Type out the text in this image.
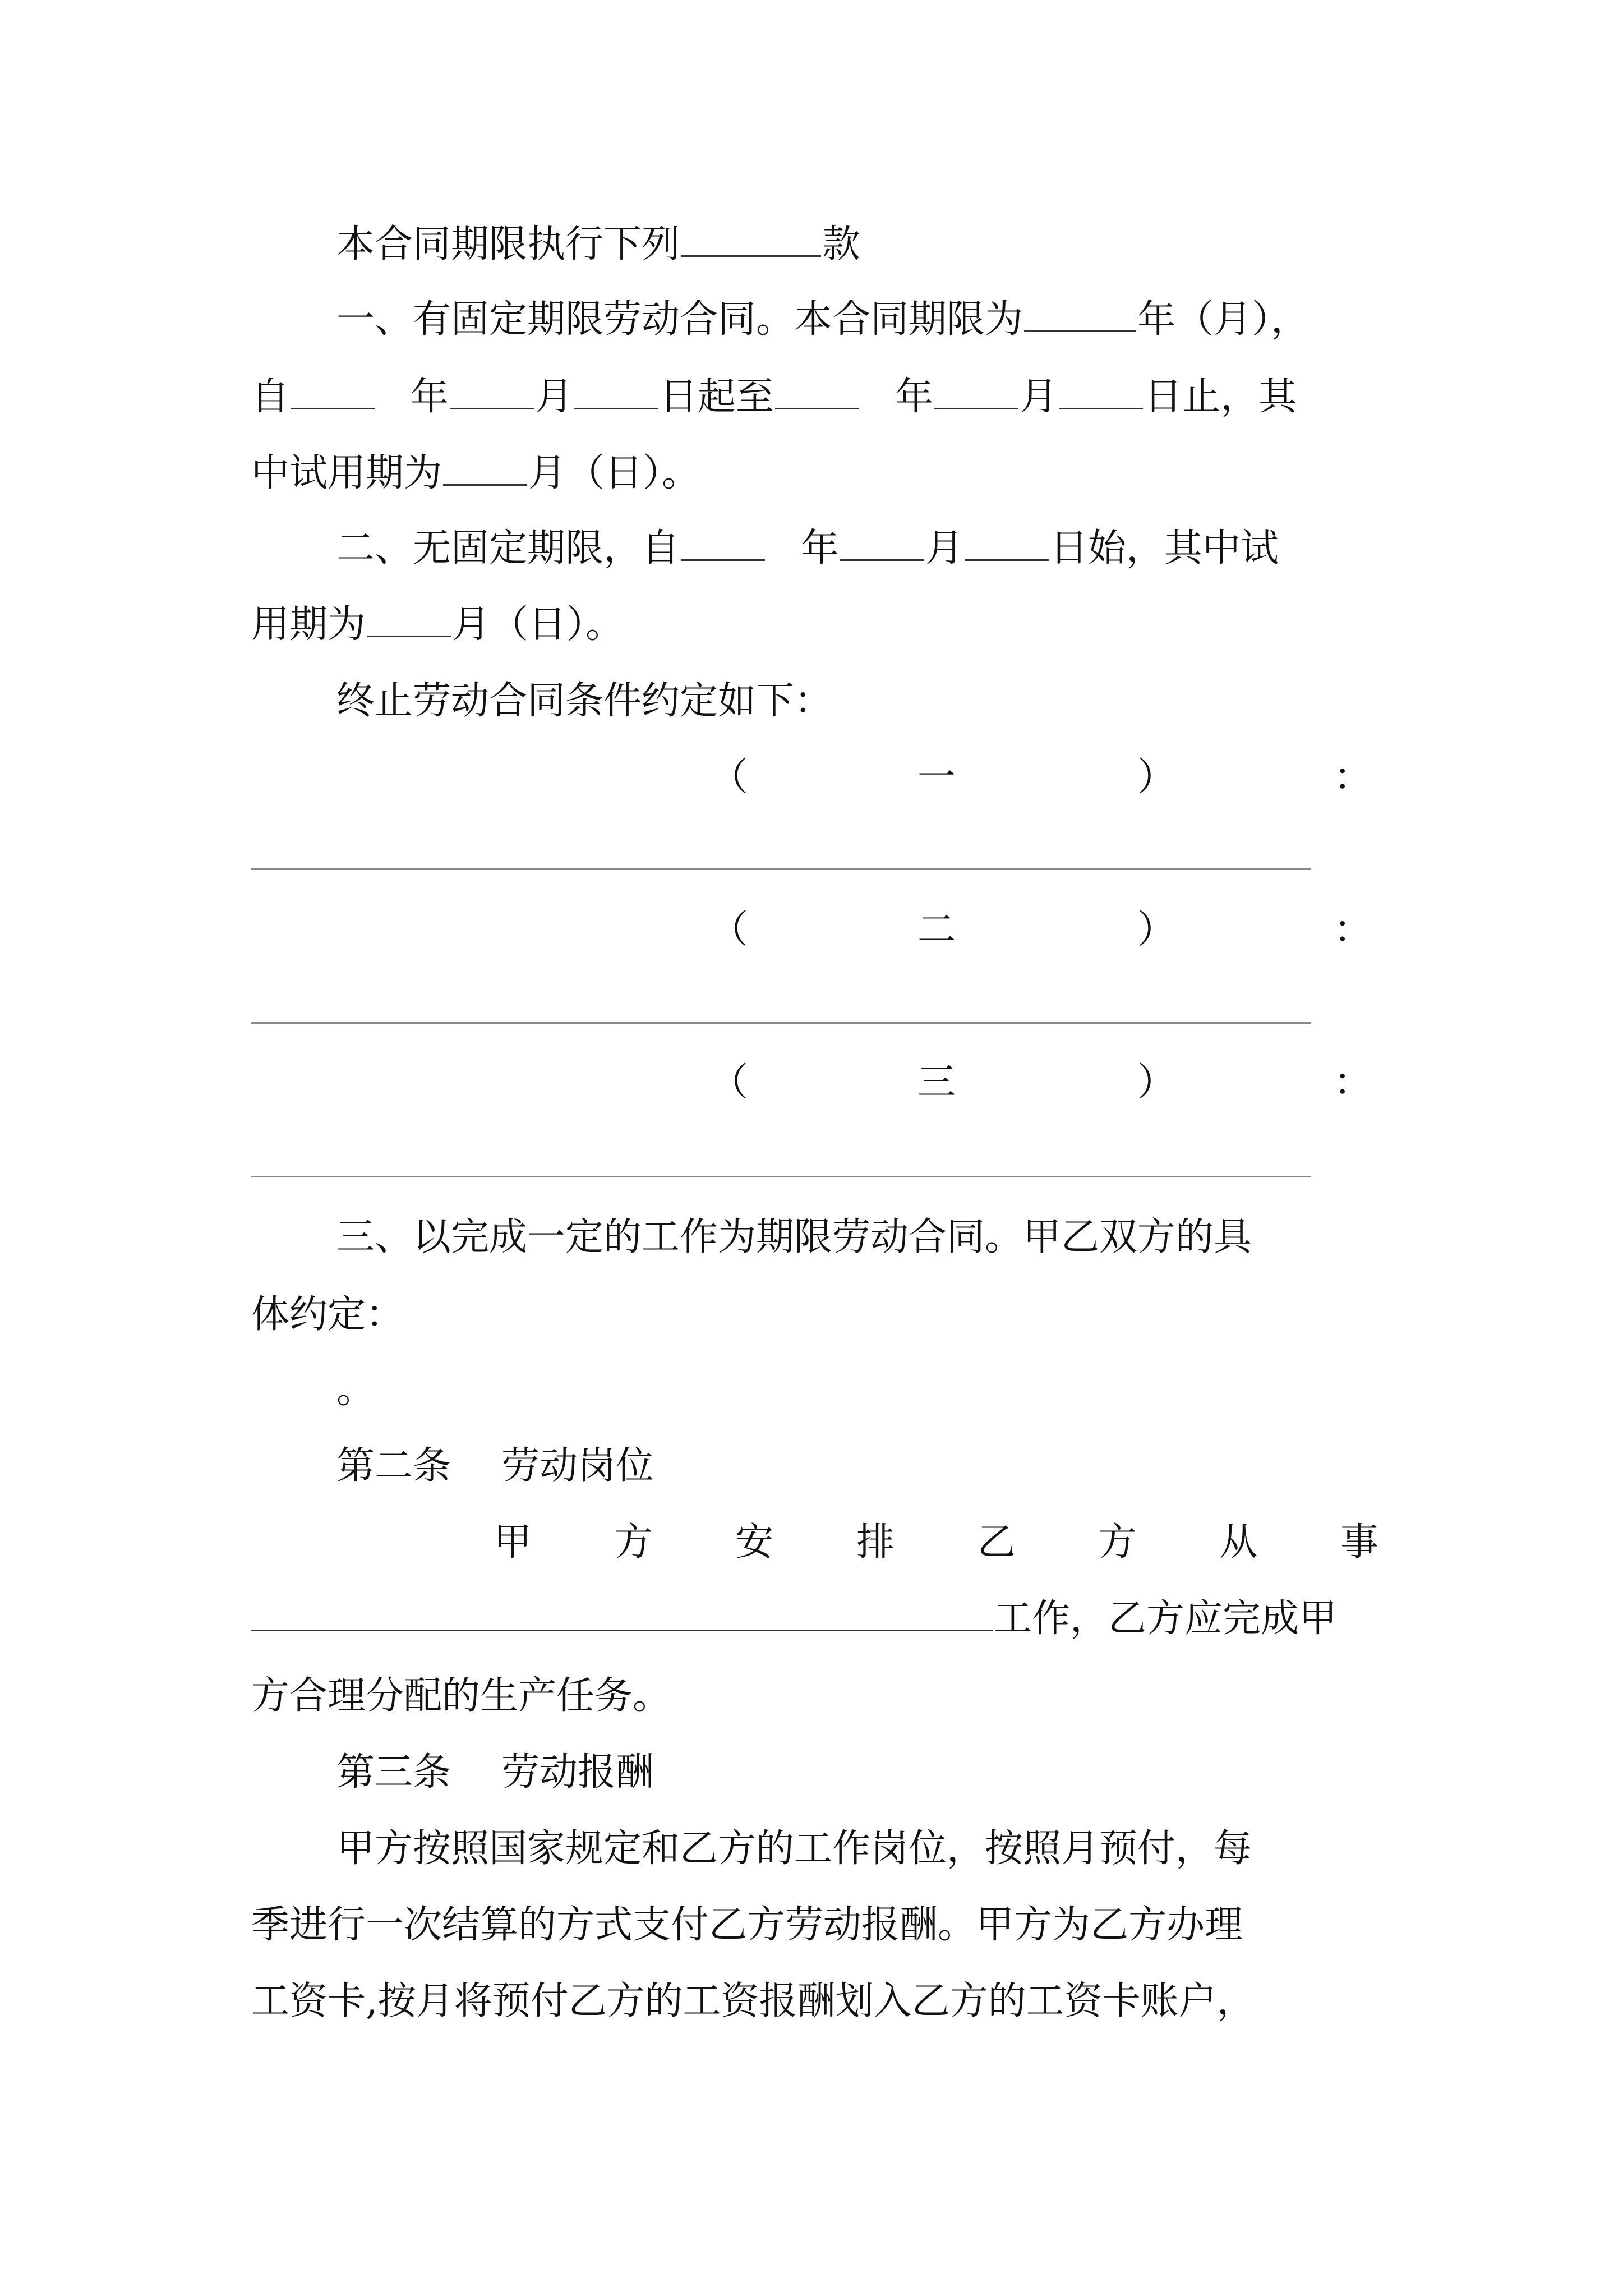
本合同期限执行下列	款
一、有固定期限劳动合同。本合同期限为	年（月），
自	年 月 日起至	年 月 日止，其
中试用期为 月（日）。
二、无固定期限，自	年 月 日始，其中试
用期为 月（日）。
终止劳动合同条件约定如下：
（	一	）	：
（	二	）	：
（	三	）	：
三、以完成一定的工作为期限劳动合同。甲乙双方的具
体约定：
。
第二条 劳动岗位
甲 方 安 排 乙 方 从 事
工作，乙方应完成甲
方合理分配的生产任务。
第三条 劳动报酬
甲方按照国家规定和乙方的工作岗位，按照月预付，每
季进行一次结算的方式支付乙方劳动报酬。甲方为乙方办理
工资卡,按月将预付乙方的工资报酬划入乙方的工资卡账户，
